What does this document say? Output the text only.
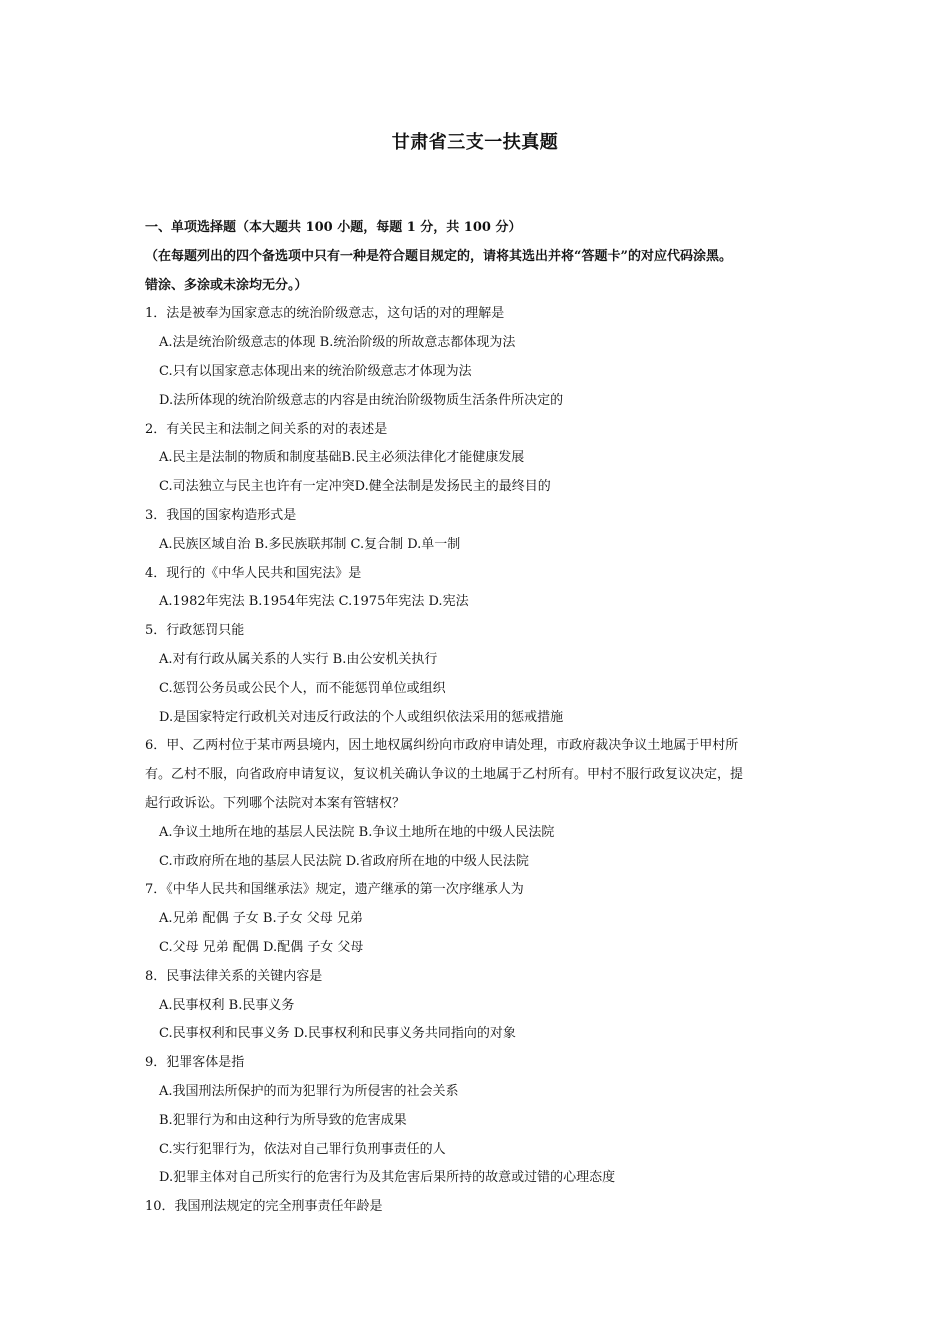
甘肃省三支一扶真题
一、单项选择题（本大题共 100 小题，每题 1 分，共 100 分）
（在每题列出的四个备选项中只有一种是符合题目规定的，请将其选出并将“答题卡”的对应代码涂黑。
错涂、多涂或未涂均无分。）
1．法是被奉为国家意志的统治阶级意志，这句话的对的理解是
A.法是统治阶级意志的体现 B.统治阶级的所故意志都体现为法
C.只有以国家意志体现出来的统治阶级意志才体现为法
D.法所体现的统治阶级意志的内容是由统治阶级物质生活条件所决定的
2．有关民主和法制之间关系的对的表述是
A.民主是法制的物质和制度基础B.民主必须法律化才能健康发展
C.司法独立与民主也许有一定冲突D.健全法制是发扬民主的最终目的
3．我国的国家构造形式是
A.民族区域自治 B.多民族联邦制 C.复合制 D.单一制
4．现行的《中华人民共和国宪法》是
A.1982年宪法 B.1954年宪法 C.1975年宪法 D.宪法
5．行政惩罚只能
A.对有行政从属关系的人实行 B.由公安机关执行
C.惩罚公务员或公民个人，而不能惩罚单位或组织
D.是国家特定行政机关对违反行政法的个人或组织依法采用的惩戒措施
6．甲、乙两村位于某市两县境内，因土地权属纠纷向市政府申请处理，市政府裁决争议土地属于甲村所
有。乙村不服，向省政府申请复议，复议机关确认争议的土地属于乙村所有。甲村不服行政复议决定，提
起行政诉讼。下列哪个法院对本案有管辖权？
A.争议土地所在地的基层人民法院 B.争议土地所在地的中级人民法院
C.市政府所在地的基层人民法院 D.省政府所在地的中级人民法院
7．《中华人民共和国继承法》规定，遗产继承的第一次序继承人为
A.兄弟 配偶 子女 B.子女 父母 兄弟
C.父母 兄弟 配偶 D.配偶 子女 父母
8．民事法律关系的关键内容是
A.民事权利 B.民事义务
C.民事权利和民事义务 D.民事权利和民事义务共同指向的对象
9．犯罪客体是指
A.我国刑法所保护的而为犯罪行为所侵害的社会关系
B.犯罪行为和由这种行为所导致的危害成果
C.实行犯罪行为，依法对自己罪行负刑事责任的人
D.犯罪主体对自己所实行的危害行为及其危害后果所持的故意或过错的心理态度
10．我国刑法规定的完全刑事责任年龄是
